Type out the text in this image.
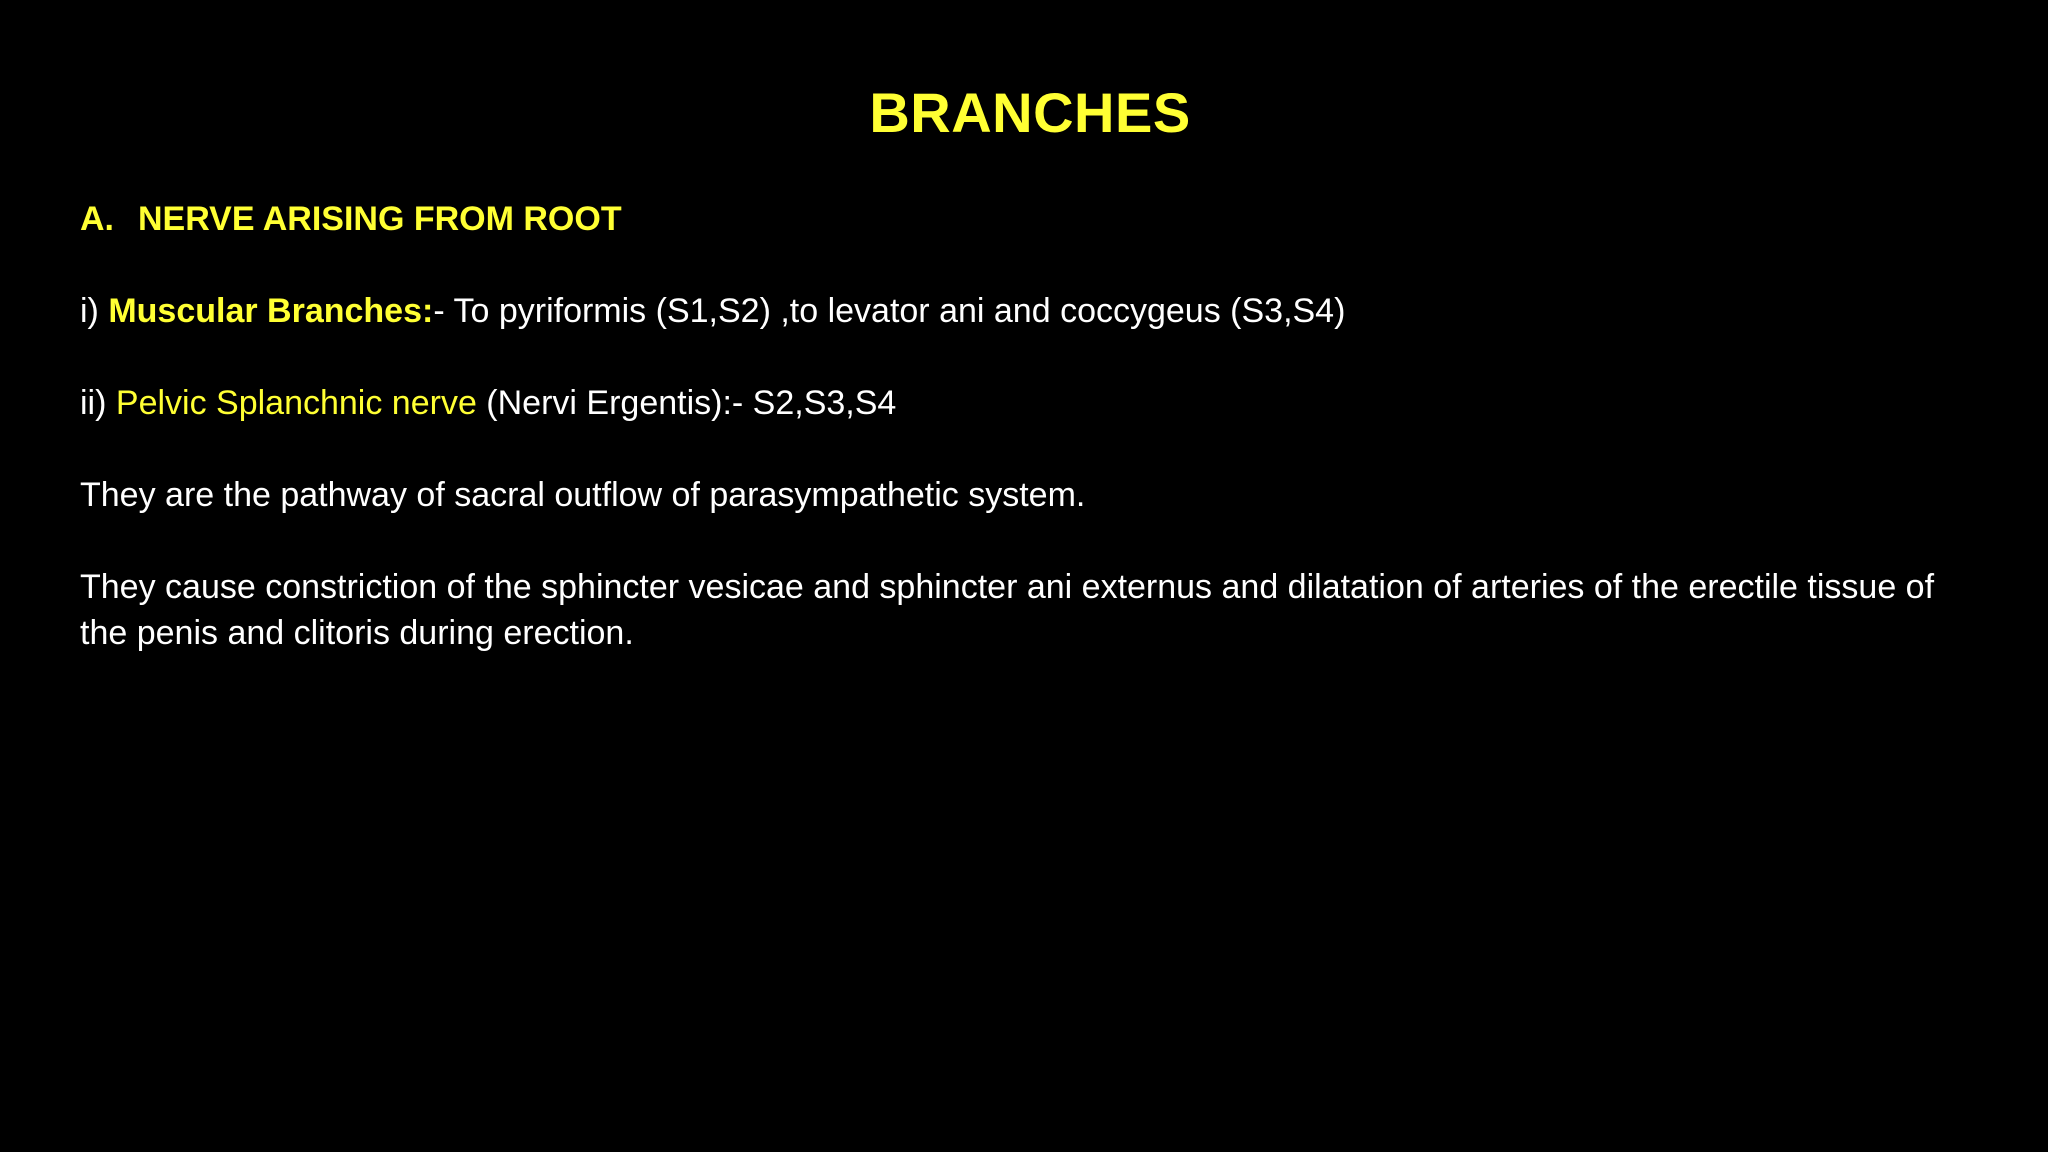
BRANCHES
A. NERVE ARISING FROM ROOT
i) Muscular Branches:- To pyriformis (S1,S2) ,to levator ani and coccygeus (S3,S4)
ii) Pelvic Splanchnic nerve (Nervi Ergentis):- S2,S3,S4
They are the pathway of sacral outflow of parasympathetic system.
They cause constriction of the sphincter vesicae and sphincter ani externus and dilatation of arteries of the erectile tissue of the penis and clitoris during erection.
